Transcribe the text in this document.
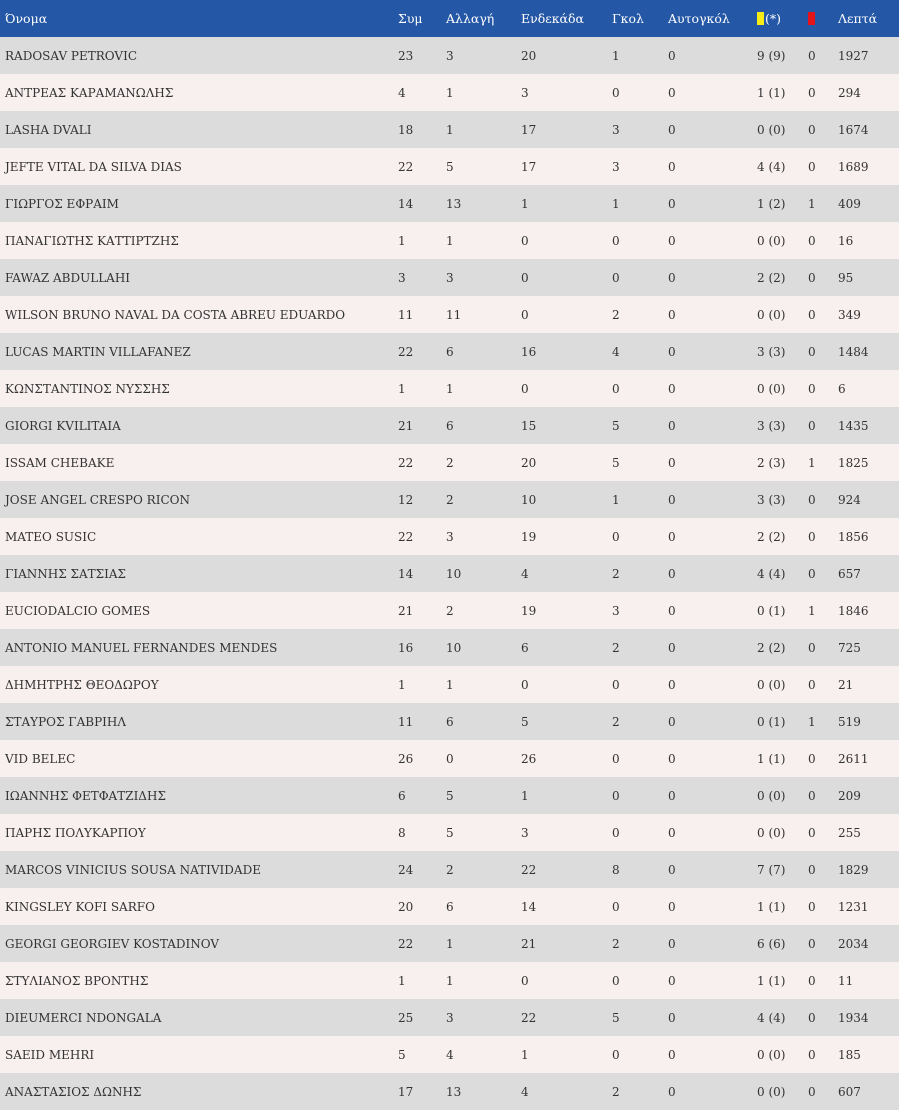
Όνομα	Συμ	Αλλαγή	Ενδεκάδα	Γκολ	Αυτογκόλ	(*)		Λεπτά
RADOSAV PETROVIC	23	3	20	1	0	9 (9)	0	1927
ΑΝΤΡΕΑΣ ΚΑΡΑΜΑΝΩΛΗΣ	4	1	3	0	0	1 (1)	0	294
LASHA DVALI	18	1	17	3	0	0 (0)	0	1674
JEFTE VITAL DA SILVA DIAS	22	5	17	3	0	4 (4)	0	1689
ΓΙΩΡΓΟΣ ΕΦΡΑΙΜ	14	13	1	1	0	1 (2)	1	409
ΠΑΝΑΓΙΩΤΗΣ ΚΑΤΤΙΡΤΖΗΣ	1	1	0	0	0	0 (0)	0	16
FAWAZ ABDULLAHI	3	3	0	0	0	2 (2)	0	95
WILSON BRUNO NAVAL DA COSTA ABREU EDUARDO	11	11	0	2	0	0 (0)	0	349
LUCAS MARTIN VILLAFANEZ	22	6	16	4	0	3 (3)	0	1484
ΚΩΝΣΤΑΝΤΙΝΟΣ ΝΥΣΣΗΣ	1	1	0	0	0	0 (0)	0	6
GIORGI KVILITAIA	21	6	15	5	0	3 (3)	0	1435
ISSAM CHEBAKE	22	2	20	5	0	2 (3)	1	1825
JOSE ANGEL CRESPO RICON	12	2	10	1	0	3 (3)	0	924
MATEO SUSIC	22	3	19	0	0	2 (2)	0	1856
ΓΙΑΝΝΗΣ ΣΑΤΣΙΑΣ	14	10	4	2	0	4 (4)	0	657
EUCIODALCIO GOMES	21	2	19	3	0	0 (1)	1	1846
ANTONIO MANUEL FERNANDES MENDES	16	10	6	2	0	2 (2)	0	725
ΔΗΜΗΤΡΗΣ ΘΕΟΔΩΡΟΥ	1	1	0	0	0	0 (0)	0	21
ΣΤΑΥΡΟΣ ΓΑΒΡΙΗΛ	11	6	5	2	0	0 (1)	1	519
VID BELEC	26	0	26	0	0	1 (1)	0	2611
ΙΩΑΝΝΗΣ ΦΕΤΦΑΤΖΙΔΗΣ	6	5	1	0	0	0 (0)	0	209
ΠΑΡΗΣ ΠΟΛΥΚΑΡΠΟΥ	8	5	3	0	0	0 (0)	0	255
MARCOS VINICIUS SOUSA NATIVIDADE	24	2	22	8	0	7 (7)	0	1829
KINGSLEY KOFI SARFO	20	6	14	0	0	1 (1)	0	1231
GEORGI GEORGIEV KOSTADINOV	22	1	21	2	0	6 (6)	0	2034
ΣΤΥΛΙΑΝΟΣ ΒΡΟΝΤΗΣ	1	1	0	0	0	1 (1)	0	11
DIEUMERCI NDONGALA	25	3	22	5	0	4 (4)	0	1934
SAEID MEHRI	5	4	1	0	0	0 (0)	0	185
ΑΝΑΣΤΑΣΙΟΣ ΔΩΝΗΣ	17	13	4	2	0	0 (0)	0	607
